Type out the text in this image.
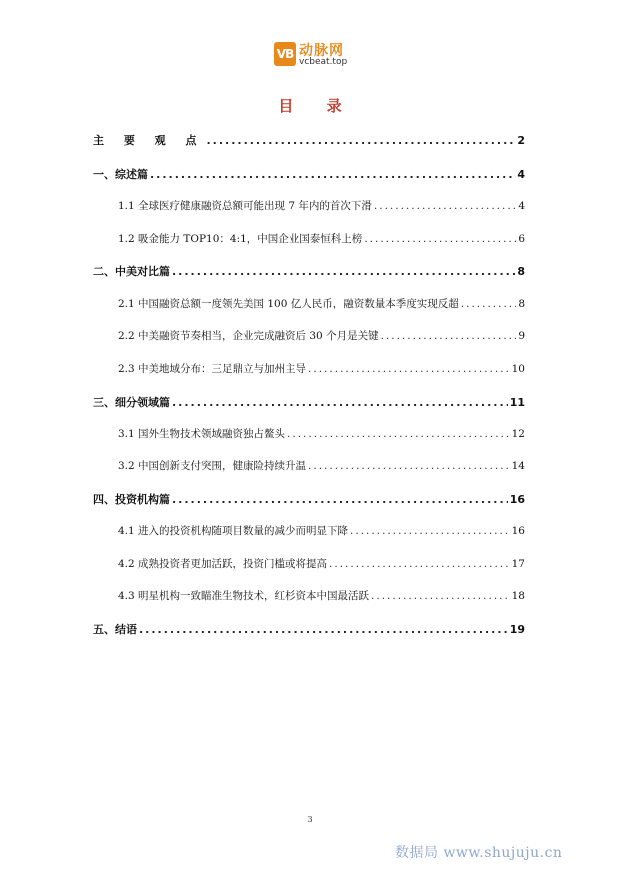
VB 动脉网
vcbeat.top
目 录
主 要 观 点 .....	2
一、综述篇 .....	4
1.1 全球医疗健康融资总额可能出现 7 年内的首次下滑 .....	4
1.2 吸金能力 TOP10：4:1，中国企业国泰恒科上榜 .....	6
二、中美对比篇 .....	8
2.1 中国融资总额一度领先美国 100 亿人民币，融资数量本季度实现反超 .....	8
2.2 中美融资节奏相当，企业完成融资后 30 个月是关键 .....	9
2.3 中美地域分布：三足鼎立与加州主导 .....	10
三、细分领域篇 .....	11
3.1 国外生物技术领域融资独占鳌头 .....	12
3.2 中国创新支付突围，健康险持续升温 .....	14
四、投资机构篇 .....	16
4.1 进入的投资机构随项目数量的减少而明显下降 .....	16
4.2 成熟投资者更加活跃，投资门槛或将提高 .....	17
4.3 明星机构一致瞄准生物技术，红杉资本中国最活跃 .....	18
五、结语 .....	19
3
数据局 www.shujuju.cn
